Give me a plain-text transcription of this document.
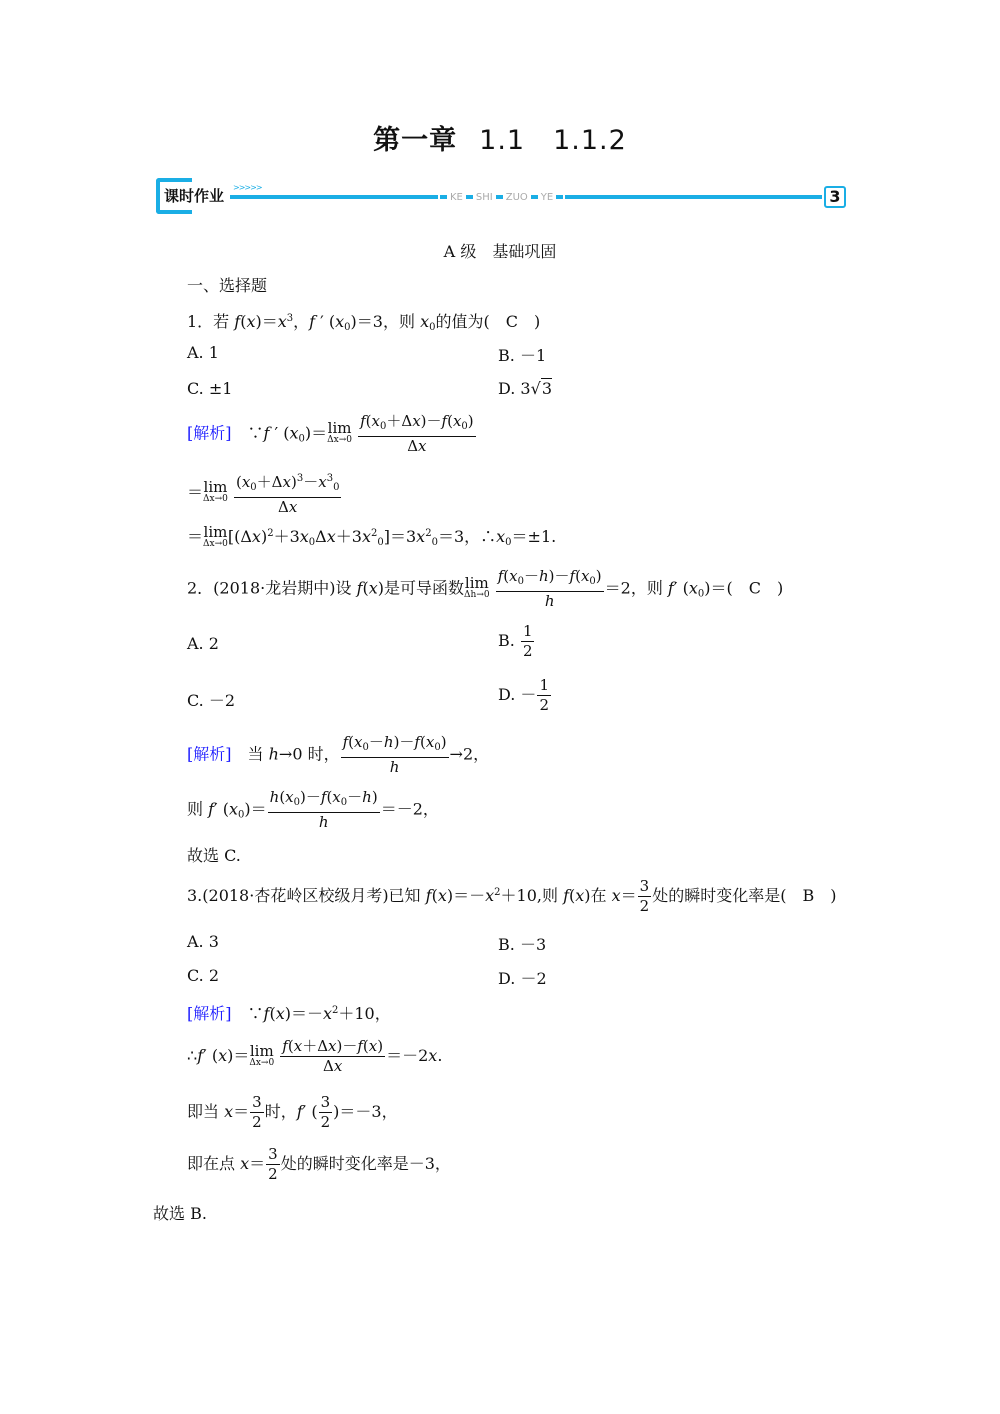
第一章 1.1　1.1.2
课时作业 >>>>>
KE SHI ZUO YE	3
A 级　基础巩固
一、选择题
1．若 $f(x)=x^3$，f ′ $(x_0)=3$，则 $x_0$的值为(　 C　)
A. 1	B. －1
C. ±1	D. 3√3
[解析]　∵f ′ $(x_0)= \lim$
Δx→0
$\frac{f(x_0+\Delta x)-f(x_0)}{\Delta x}$
＝ lim
Δx→0
$\frac{(x_0+\Delta x)^3-x^3_0}{\Delta x}$
＝ lim
Δx→0 $[(\Delta x)^2+3x_0\Delta x+3x^2_0]=3x^2_0=3$，$\therefore x_0=\pm 1$.
2．(2018·龙岩期中)设 f(x)是可导函数 lim
Δh→0
$\frac{f(x_0-h)-f(x_0)}{h} =2$，则 f′ $(x_0)=$(　C　)
A. 2	B. $\frac{1}{2}$
C. －2	D. － $\frac{1}{2}$
[解析]　 当 h→0 时， $\frac{f(x_0-h)-f(x_0)}{h} \to 2$，
则 f′ $(x_0)= \frac{h(x_0)-f(x_0-h)}{h} =-2$，
故选 C.
3.(2018·杏花岭区校级月考)已知 $f(x)=-x^2+10$,则 f(x)在 $x= \frac{3}{2}$ 处的瞬时变化率是(　 B　)
A. 3	B. －3
C. 2	D. －2
[解析]　$\because f(x)=-x^2+10$，
∴f′ (x)＝ lim
Δx→0
$\frac{f(x+\Delta x)-f(x)}{\Delta x} =-2x$.
即当 $x= \frac{3}{2}$ 时，f′ ( $\frac{3}{2} )=-3$，
即在点 $x= \frac{3}{2}$ 处的瞬时变化率是－3，
故选 B.
